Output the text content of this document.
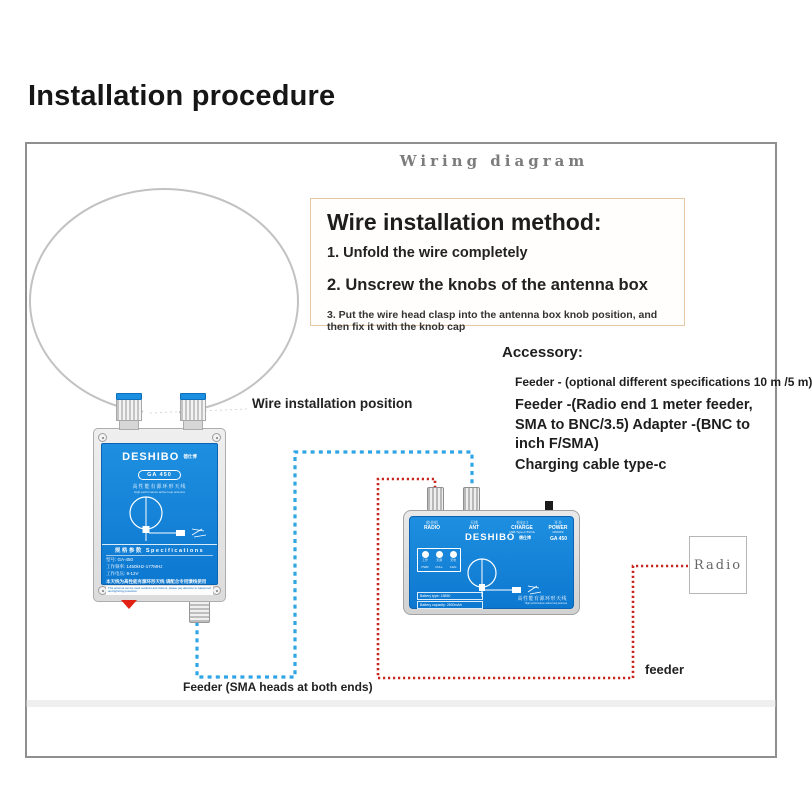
Installation procedure
Wiring diagram
Wire installation method:
1. Unfold the wire completely
2. Unscrew the knobs of the antenna box
3. Put the wire head clasp into the antenna box knob position, and then fix it with the knob cap
Accessory:
Feeder - (optional different specifications 10 m /5 m)
Feeder -(Radio end 1 meter feeder, SMA to BNC/3.5) Adapter -(BNC to inch F/SMA)
Charging cable type-c
Wire installation position
Feeder (SMA heads at both ends)
feeder
Radio
DESHIBO 德仕博
GA 450
高性能有源环形天线
High performance active loop antenna
规格参数 Specifications
型号: GA-450
工作频率: 1450kHz-177MHz
工作电压: 9-12V
本天线为高性能有源环形天线 请配合专用馈线使用
This antenna can be used outdoors and indoors, please pay attention to waterproof and lightning protection
收音机
RADIO
天线
ANT
充电口
CHARGE
USB Type-C 5V/1A
开关
POWER
ON/OFF
DESHIBO 德仕博	GA 450
工作

PWR
充满

FULL
充电

CHG
Battery type: 18650
Battery capacity: 2600mAh
高性能有源环形天线
High performance active loop antenna
